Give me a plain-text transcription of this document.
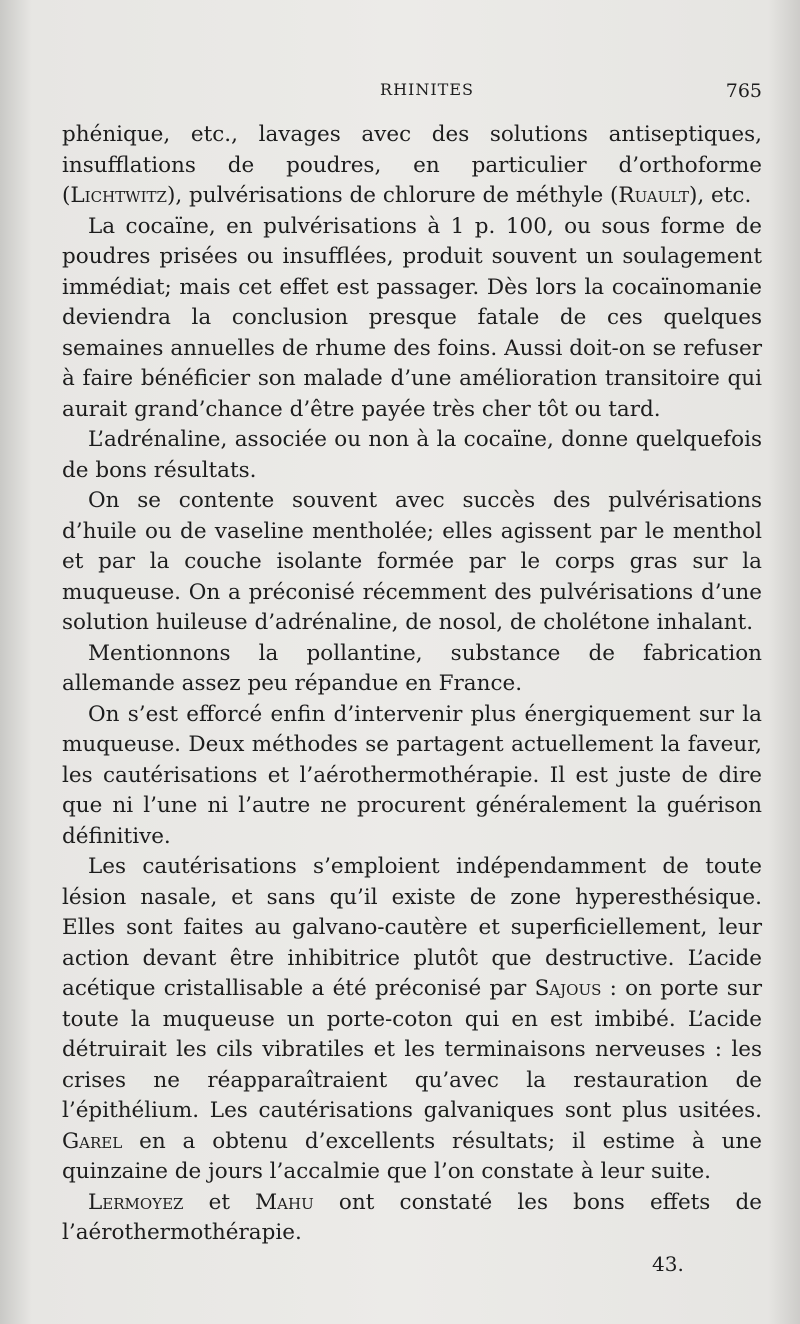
RHINITES	765

phénique, etc., lavages avec des solutions antiseptiques, insufflations de poudres, en particulier d’orthoforme (Lichtwitz), pulvérisations de chlorure de méthyle (Ruault), etc.

La cocaïne, en pulvérisations à 1 p. 100, ou sous forme de poudres prisées ou insufflées, produit souvent un soulagement immédiat; mais cet effet est passager. Dès lors la cocaïnomanie deviendra la conclusion presque fatale de ces quelques semaines annuelles de rhume des foins. Aussi doit-on se refuser à faire bénéficier son malade d’une amélioration transitoire qui aurait grand’chance d’être payée très cher tôt ou tard.

L’adrénaline, associée ou non à la cocaïne, donne quelquefois de bons résultats.

On se contente souvent avec succès des pulvérisations d’huile ou de vaseline mentholée; elles agissent par le menthol et par la couche isolante formée par le corps gras sur la muqueuse. On a préconisé récemment des pulvérisations d’une solution huileuse d’adrénaline, de nosol, de cholétone inhalant.

Mentionnons la pollantine, substance de fabrication allemande assez peu répandue en France.

On s’est efforcé enfin d’intervenir plus énergiquement sur la muqueuse. Deux méthodes se partagent actuellement la faveur, les cautérisations et l’aérothermothérapie. Il est juste de dire que ni l’une ni l’autre ne procurent généralement la guérison définitive.

Les cautérisations s’emploient indépendamment de toute lésion nasale, et sans qu’il existe de zone hyperesthésique. Elles sont faites au galvano-cautère et superficiellement, leur action devant être inhibitrice plutôt que destructive. L’acide acétique cristallisable a été préconisé par Sajous : on porte sur toute la muqueuse un porte-coton qui en est imbibé. L’acide détruirait les cils vibratiles et les terminaisons nerveuses : les crises ne réapparaîtraient qu’avec la restauration de l’épithélium. Les cautérisations galvaniques sont plus usitées. Garel en a obtenu d’excellents résultats; il estime à une quinzaine de jours l’accalmie que l’on constate à leur suite.

Lermoyez et Mahu ont constaté les bons effets de l’aérothermothérapie.

43.
